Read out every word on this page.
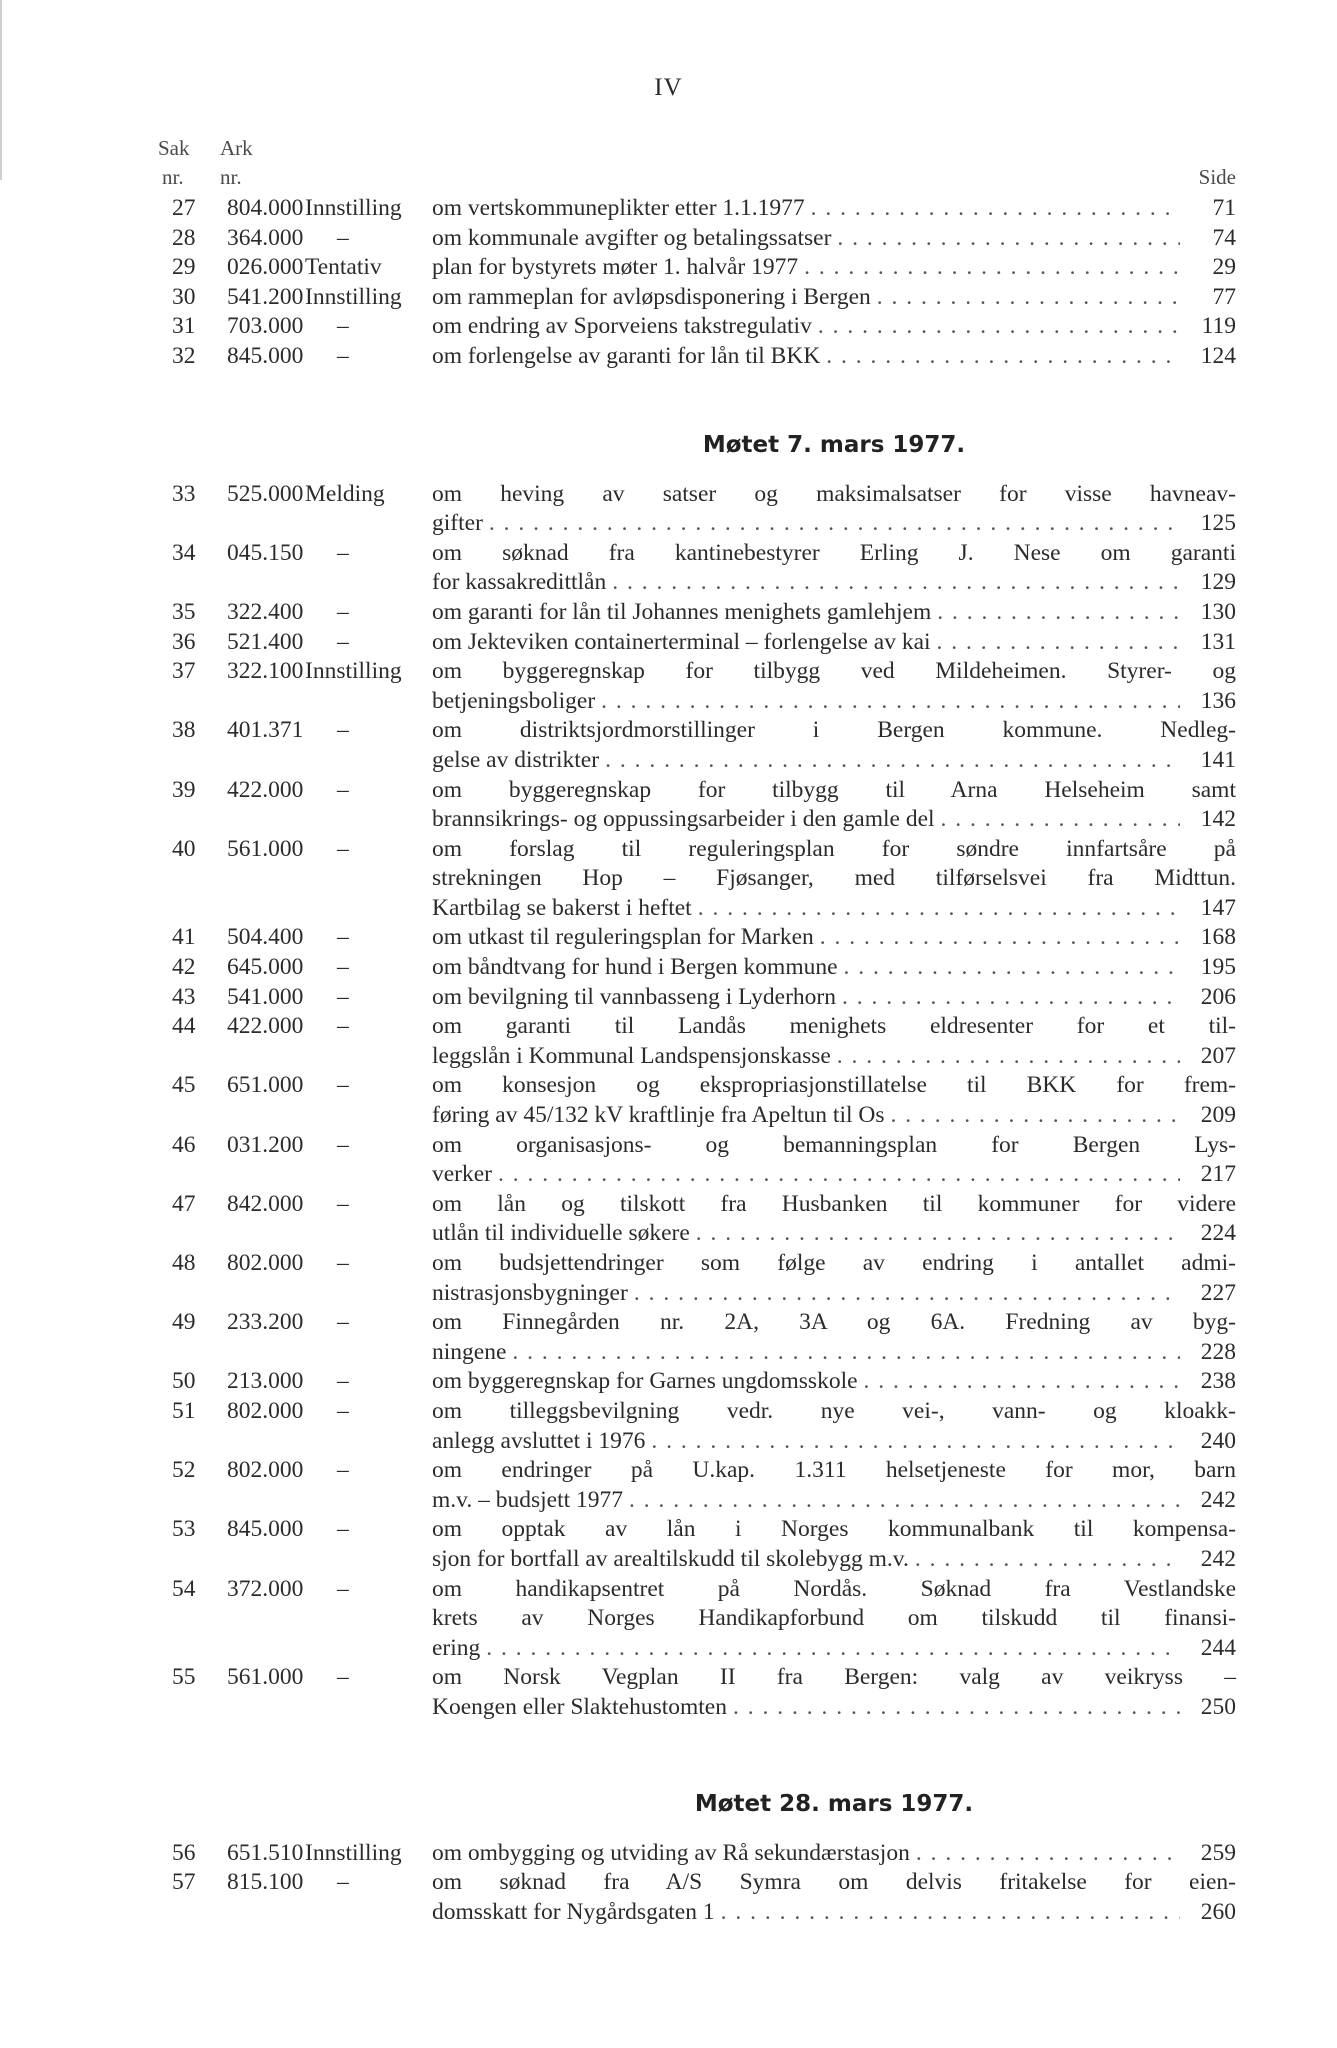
IV
Sak
nr.
Ark
nr.	Side
27	804.000 Innstilling	om vertskommuneplikter etter 1.1.1977 . . .	71
28	364.000	–	om kommunale avgifter og betalingssatser . . .	74
29	026.000 Tentativ	plan for bystyrets møter 1. halvår 1977 . . .	29
30	541.200 Innstilling	om rammeplan for avløpsdisponering i Bergen . . .	77
31	703.000	–	om endring av Sporveiens takstregulativ . . .	119
32	845.000	–	om forlengelse av garanti for lån til BKK . . .	124
Møtet 7. mars 1977.
33	525.000 Melding	om heving av satser og maksimalsatser for visse havneav-
gifter . . .	125
34	045.150	–	om søknad fra kantinebestyrer Erling J. Nese om garanti
for kassakredittlån . . .	129
35	322.400	–	om garanti for lån til Johannes menighets gamlehjem . . .	130
36	521.400	–	om Jekteviken containerterminal – forlengelse av kai . . .	131
37	322.100 Innstilling	om byggeregnskap for tilbygg ved Mildeheimen. Styrer- og
betjeningsboliger . . .	136
38	401.371	–	om distriktsjordmorstillinger i Bergen kommune. Nedleg-
gelse av distrikter . . .	141
39	422.000	–	om byggeregnskap for tilbygg til Arna Helseheim samt
brannsikrings- og oppussingsarbeider i den gamle del . . .	142
40	561.000	–	om forslag til reguleringsplan for søndre innfartsåre på
strekningen Hop – Fjøsanger, med tilførselsvei fra Midttun.
Kartbilag se bakerst i heftet . . .	147
41	504.400	–	om utkast til reguleringsplan for Marken . . .	168
42	645.000	–	om båndtvang for hund i Bergen kommune . . .	195
43	541.000	–	om bevilgning til vannbasseng i Lyderhorn . . .	206
44	422.000	–	om garanti til Landås menighets eldresenter for et til-
leggslån i Kommunal Landspensjonskasse . . .	207
45	651.000	–	om konsesjon og ekspropriasjonstillatelse til BKK for frem-
føring av 45/132 kV kraftlinje fra Apeltun til Os . . .	209
46	031.200	–	om organisasjons- og bemanningsplan for Bergen Lys-
verker . . .	217
47	842.000	–	om lån og tilskott fra Husbanken til kommuner for videre
utlån til individuelle søkere . . .	224
48	802.000	–	om budsjettendringer som følge av endring i antallet admi-
nistrasjonsbygninger . . .	227
49	233.200	–	om Finnegården nr. 2A, 3A og 6A. Fredning av byg-
ningene . . .	228
50	213.000	–	om byggeregnskap for Garnes ungdomsskole . . .	238
51	802.000	–	om tilleggsbevilgning vedr. nye vei-, vann- og kloakk-
anlegg avsluttet i 1976 . . .	240
52	802.000	–	om endringer på U.kap. 1.311 helsetjeneste for mor, barn
m.v. – budsjett 1977 . . .	242
53	845.000	–	om opptak av lån i Norges kommunalbank til kompensa-
sjon for bortfall av arealtilskudd til skolebygg m.v. . . .	242
54	372.000	–	om handikapsentret på Nordås. Søknad fra Vestlandske
krets av Norges Handikapforbund om tilskudd til finansi-
ering . . .	244
55	561.000	–	om Norsk Vegplan II fra Bergen: valg av veikryss –
Koengen eller Slaktehustomten . . .	250
Møtet 28. mars 1977.
56	651.510 Innstilling	om ombygging og utviding av Rå sekundærstasjon . . .	259
57	815.100	–	om søknad fra A/S Symra om delvis fritakelse for eien-
domsskatt for Nygårdsgaten 1 . . .	260
